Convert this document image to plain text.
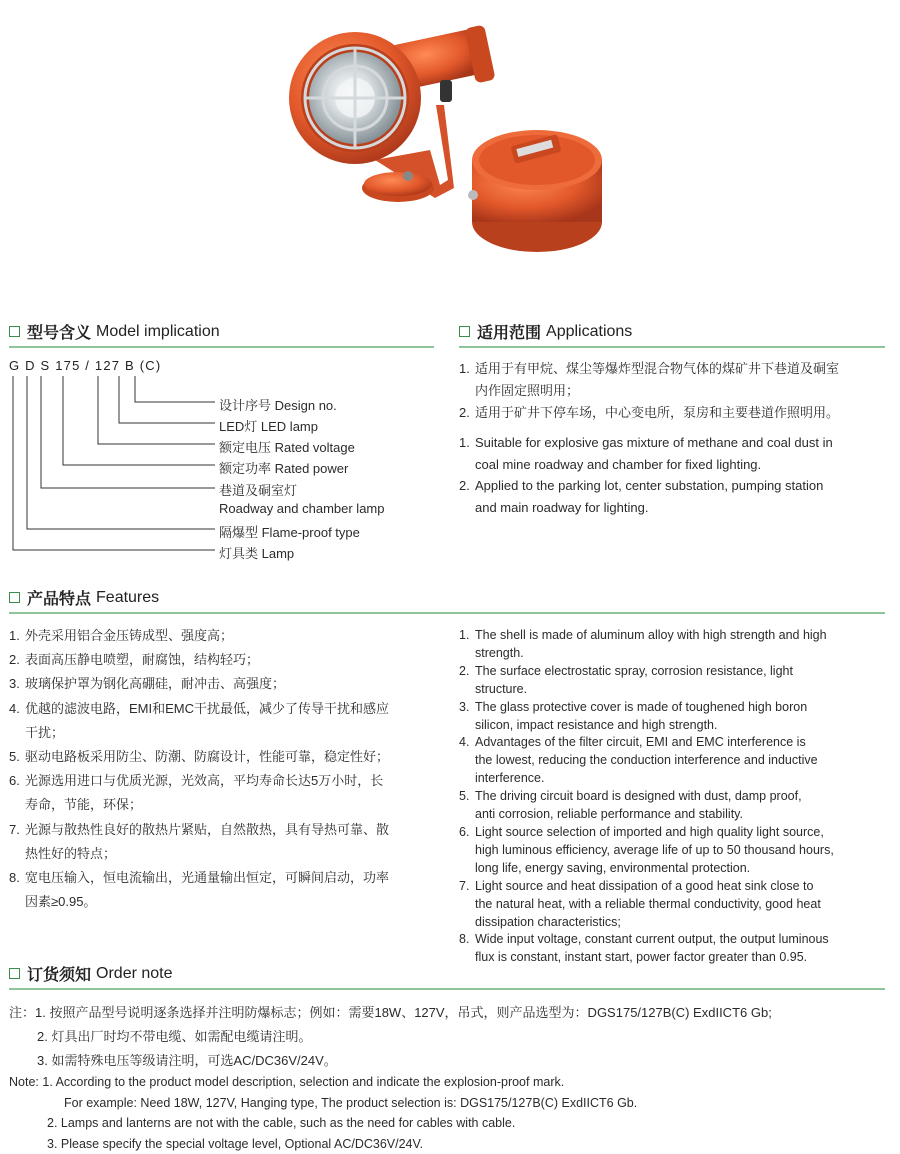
型号含义 Model implication
G D S 175 / 127 B (C)
设计序号 Design no.
LED灯 LED lamp
额定电压 Rated voltage
额定功率 Rated power
巷道及硐室灯
Roadway and chamber lamp
隔爆型 Flame-proof type
灯具类 Lamp
适用范围 Applications
1. 适用于有甲烷、煤尘等爆炸型混合物气体的煤矿井下巷道及硐室
内作固定照明用；
2. 适用于矿井下停车场，中心变电所，泵房和主要巷道作照明用。
1. Suitable for explosive gas mixture of methane and coal dust in
coal mine roadway and chamber for fixed lighting.
2. Applied to the parking lot, center substation, pumping station
and main roadway for lighting.
产品特点 Features
1. 外壳采用铝合金压铸成型、强度高；
2. 表面高压静电喷塑，耐腐蚀，结构轻巧；
3. 玻璃保护罩为钢化高硼硅，耐冲击、高强度；
4. 优越的滤波电路，EMI和EMC干扰最低，减少了传导干扰和感应
干扰；
5. 驱动电路板采用防尘、防潮、防腐设计，性能可靠，稳定性好；
6. 光源选用进口与优质光源，光效高，平均寿命长达5万小时，长
寿命，节能，环保；
7. 光源与散热性良好的散热片紧贴，自然散热，具有导热可靠、散
热性好的特点；
8. 宽电压输入，恒电流输出，光通量输出恒定，可瞬间启动，功率
因素≥0.95。
1. The shell is made of aluminum alloy with high strength and high
strength.
2. The surface electrostatic spray, corrosion resistance, light
structure.
3. The glass protective cover is made of toughened high boron
silicon, impact resistance and high strength.
4. Advantages of the filter circuit, EMI and EMC interference is
the lowest, reducing the conduction interference and inductive
interference.
5. The driving circuit board is designed with dust, damp proof,
anti corrosion, reliable performance and stability.
6. Light source selection of imported and high quality light source,
high luminous efficiency, average life of up to 50 thousand hours,
long life, energy saving, environmental protection.
7. Light source and heat dissipation of a good heat sink close to
the natural heat, with a reliable thermal conductivity, good heat
dissipation characteristics;
8. Wide input voltage, constant current output, the output luminous
flux is constant, instant start, power factor greater than 0.95.
订货须知 Order note
注：1. 按照产品型号说明逐条选择并注明防爆标志；例如：需要18W、127V，吊式，则产品选型为：DGS175/127B(C) ExdIICT6 Gb;
2. 灯具出厂时均不带电缆、如需配电缆请注明。
3. 如需特殊电压等级请注明，可选AC/DC36V/24V。
Note: 1. According to the product model description, selection and indicate the explosion-proof mark.
For example: Need 18W, 127V, Hanging type, The product selection is: DGS175/127B(C) ExdIICT6 Gb.
2. Lamps and lanterns are not with the cable, such as the need for cables with cable.
3. Please specify the special voltage level, Optional AC/DC36V/24V.
